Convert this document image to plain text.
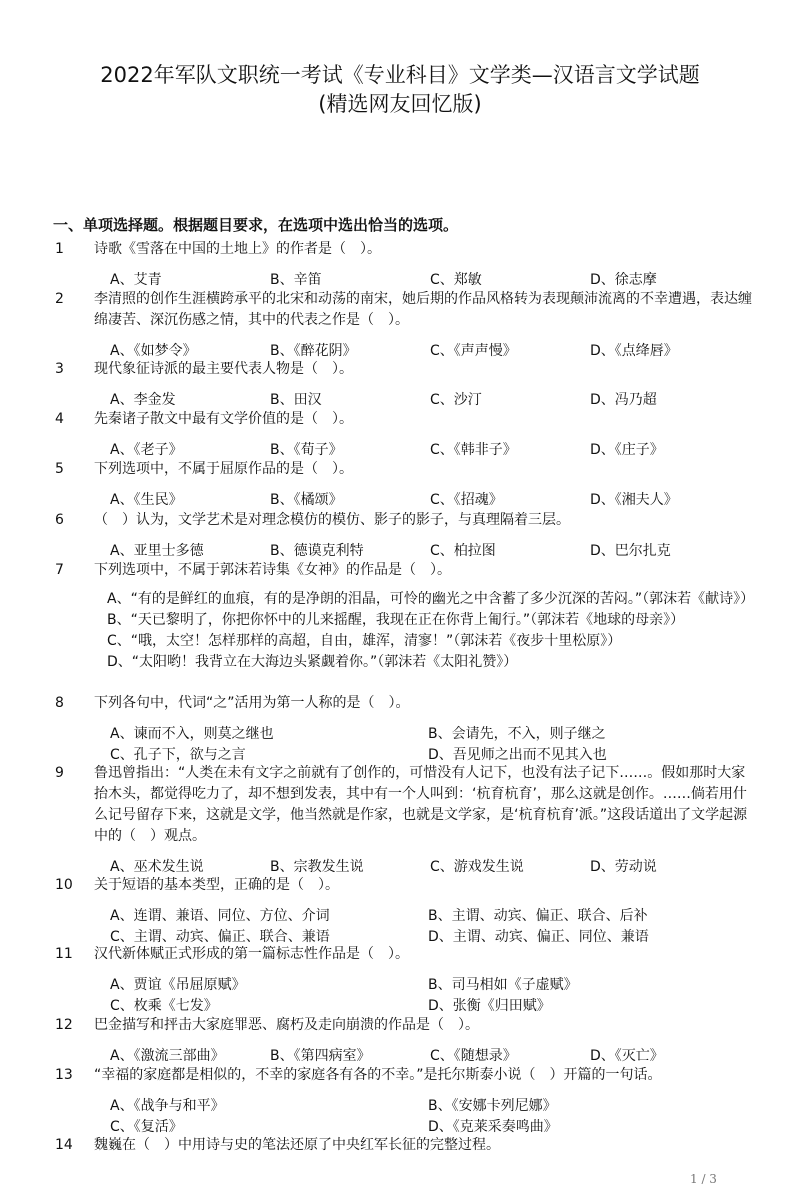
2022年军队文职统一考试《专业科目》文学类—汉语言文学试题
(精选网友回忆版)
一、单项选择题。根据题目要求，在选项中选出恰当的选项。
1 诗歌《雪落在中国的土地上》的作者是（　）。
A、艾青	B、辛笛	C、郑敏	D、徐志摩
2 李清照的创作生涯横跨承平的北宋和动荡的南宋，她后期的作品风格转为表现颠沛流离的不幸遭遇，表达缠绵凄苦、深沉伤感之情，其中的代表之作是（　）。
A、《如梦令》	B、《醉花阴》	C、《声声慢》	D、《点绛唇》
3 现代象征诗派的最主要代表人物是（　）。
A、李金发	B、田汉	C、沙汀	D、冯乃超
4 先秦诸子散文中最有文学价值的是（　）。
A、《老子》	B、《荀子》	C、《韩非子》	D、《庄子》
5 下列选项中，不属于屈原作品的是（　）。
A、《生民》	B、《橘颂》	C、《招魂》	D、《湘夫人》
6 （　）认为，文学艺术是对理念模仿的模仿、影子的影子，与真理隔着三层。
A、亚里士多德	B、德谟克利特	C、柏拉图	D、巴尔扎克
7 下列选项中，不属于郭沫若诗集《女神》的作品是（　）。
A、“有的是鲜红的血痕，有的是净朗的泪晶，可怜的幽光之中含蓄了多少沉深的苦闷。”（郭沫若《献诗》）
B、“天已黎明了，你把你怀中的儿来摇醒，我现在正在你背上匍行。”（郭沫若《地球的母亲》）
C、“哦，太空！怎样那样的高超，自由，雄浑，清寥！”（郭沫若《夜步十里松原》）
D、“太阳哟！我背立在大海边头紧觑着你。”（郭沫若《太阳礼赞》）
8 下列各句中，代词“之”活用为第一人称的是（　）。
A、谏而不入，则莫之继也	B、会请先，不入，则子继之
C、孔子下，欲与之言	D、吾见师之出而不见其入也
9 鲁迅曾指出：“人类在未有文字之前就有了创作的，可惜没有人记下，也没有法子记下……。假如那时大家抬木头，都觉得吃力了，却不想到发表，其中有一个人叫到：‘杭育杭育’，那么这就是创作。……倘若用什么记号留存下来，这就是文学，他当然就是作家，也就是文学家，是‘杭育杭育’派。”这段话道出了文学起源中的（　）观点。
A、巫术发生说	B、宗教发生说	C、游戏发生说	D、劳动说
10 关于短语的基本类型，正确的是（　）。
A、连谓、兼语、同位、方位、介词	B、主谓、动宾、偏正、联合、后补
C、主谓、动宾、偏正、联合、兼语	D、主谓、动宾、偏正、同位、兼语
11 汉代新体赋正式形成的第一篇标志性作品是（　）。
A、贾谊《吊屈原赋》	B、司马相如《子虚赋》
C、枚乘《七发》	D、张衡《归田赋》
12 巴金描写和抨击大家庭罪恶、腐朽及走向崩溃的作品是（　）。
A、《激流三部曲》	B、《第四病室》	C、《随想录》	D、《灭亡》
13 “幸福的家庭都是相似的，不幸的家庭各有各的不幸。”是托尔斯泰小说（　）开篇的一句话。
A、《战争与和平》	B、《安娜卡列尼娜》
C、《复活》	D、《克莱采奏鸣曲》
14 魏巍在（　）中用诗与史的笔法还原了中央红军长征的完整过程。
1 / 3
